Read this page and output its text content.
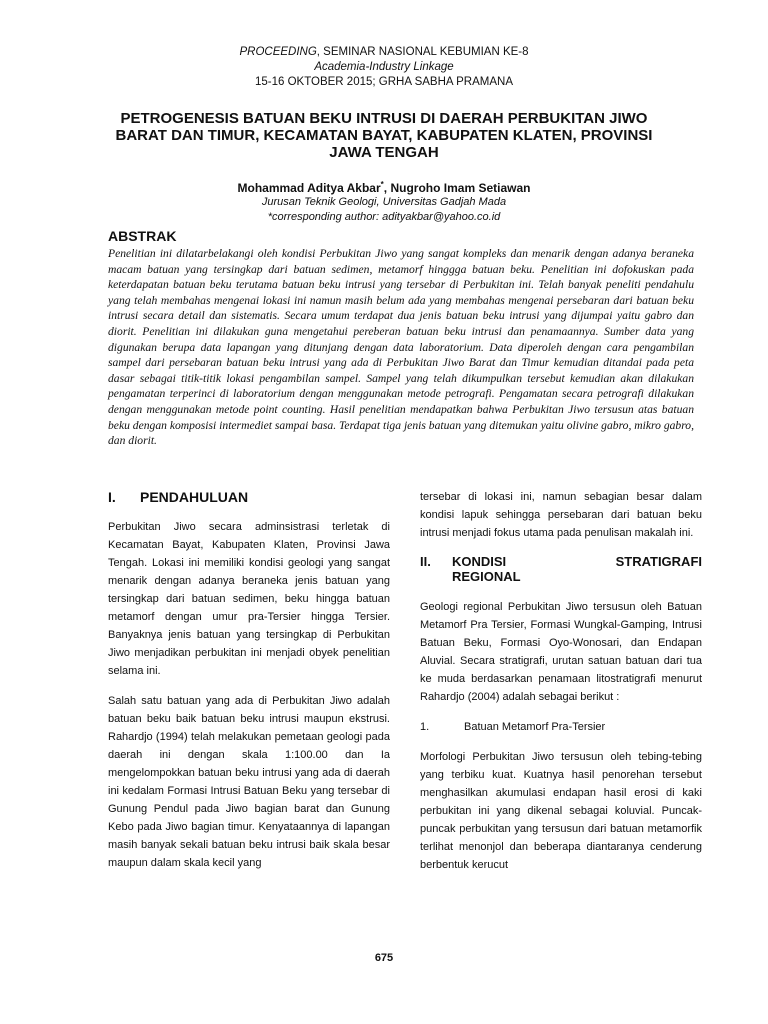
PROCEEDING, SEMINAR NASIONAL KEBUMIAN KE-8
Academia-Industry Linkage
15-16 OKTOBER 2015; GRHA SABHA PRAMANA
PETROGENESIS BATUAN BEKU INTRUSI DI DAERAH PERBUKITAN JIWO BARAT DAN TIMUR, KECAMATAN BAYAT, KABUPATEN KLATEN, PROVINSI JAWA TENGAH
Mohammad Aditya Akbar*, Nugroho Imam Setiawan
Jurusan Teknik Geologi, Universitas Gadjah Mada
*corresponding author: adityakbar@yahoo.co.id
ABSTRAK

Penelitian ini dilatarbelakangi oleh kondisi Perbukitan Jiwo yang sangat kompleks dan menarik dengan adanya beraneka macam batuan yang tersingkap dari batuan sedimen, metamorf hinggga batuan beku. Penelitian ini dofokuskan pada keterdapatan batuan beku terutama batuan beku intrusi yang tersebar di Perbukitan ini. Telah banyak peneliti pendahulu yang telah membahas mengenai lokasi ini namun masih belum ada yang membahas mengenai persebaran dari batuan beku intrusi secara detail dan sistematis. Secara umum terdapat dua jenis batuan beku intrusi yang dijumpai yaitu gabro dan diorit. Penelitian ini dilakukan guna mengetahui pereberan batuan beku intrusi dan penamaannya. Sumber data yang digunakan berupa data lapangan yang ditunjang dengan data laboratorium. Data diperoleh dengan cara pengambilan sampel dari persebaran batuan beku intrusi yang ada di Perbukitan Jiwo Barat dan Timur kemudian ditandai pada peta dasar sebagai titik-titik lokasi pengambilan sampel. Sampel yang telah dikumpulkan tersebut kemudian akan dilakukan pengamatan terperinci di laboratorium dengan menggunakan metode petrografi. Pengamatan secara petrografi dilakukan dengan menggunakan metode point counting. Hasil penelitian mendapatkan bahwa Perbukitan Jiwo tersusun atas batuan beku dengan komposisi intermediet sampai basa. Terdapat tiga jenis batuan yang ditemukan yaitu olivine gabro, mikro gabro, dan diorit.

I. PENDAHULUAN

Perbukitan Jiwo secara adminsistrasi terletak di Kecamatan Bayat, Kabupaten Klaten, Provinsi Jawa Tengah. Lokasi ini memiliki kondisi geologi yang sangat menarik dengan adanya beraneka jenis batuan yang tersingkap dari batuan sedimen, beku hingga batuan metamorf dengan umur pra-Tersier hingga Tersier. Banyaknya jenis batuan yang tersingkap di Perbukitan Jiwo menjadikan perbukitan ini menjadi obyek penelitian selama ini.

Salah satu batuan yang ada di Perbukitan Jiwo adalah batuan beku baik batuan beku intrusi maupun ekstrusi. Rahardjo (1994) telah melakukan pemetaan geologi pada daerah ini dengan skala 1:100.00 dan Ia mengelompokkan batuan beku intrusi yang ada di daerah ini kedalam Formasi Intrusi Batuan Beku yang tersebar di Gunung Pendul pada Jiwo bagian barat dan Gunung Kebo pada Jiwo bagian timur. Kenyataannya di lapangan masih banyak sekali batuan beku intrusi baik skala besar maupun dalam skala kecil yang

tersebar di lokasi ini, namun sebagian besar dalam kondisi lapuk sehingga persebaran dari batuan beku intrusi menjadi fokus utama pada penulisan makalah ini.

II. KONDISI	STRATIGRAFI
REGIONAL

Geologi regional Perbukitan Jiwo tersusun oleh Batuan Metamorf Pra Tersier, Formasi Wungkal-Gamping, Intrusi Batuan Beku, Formasi Oyo-Wonosari, dan Endapan Aluvial. Secara stratigrafi, urutan satuan batuan dari tua ke muda berdasarkan penamaan litostratigrafi menurut Rahardjo (2004) adalah sebagai berikut :

1.	Batuan Metamorf Pra-Tersier

Morfologi Perbukitan Jiwo tersusun oleh tebing-tebing yang terbiku kuat. Kuatnya hasil penorehan tersebut menghasilkan akumulasi endapan hasil erosi di kaki perbukitan ini yang dikenal sebagai koluvial. Puncak-puncak perbukitan yang tersusun dari batuan metamorfik terlihat menonjol dan beberapa diantaranya cenderung berbentuk kerucut

675
